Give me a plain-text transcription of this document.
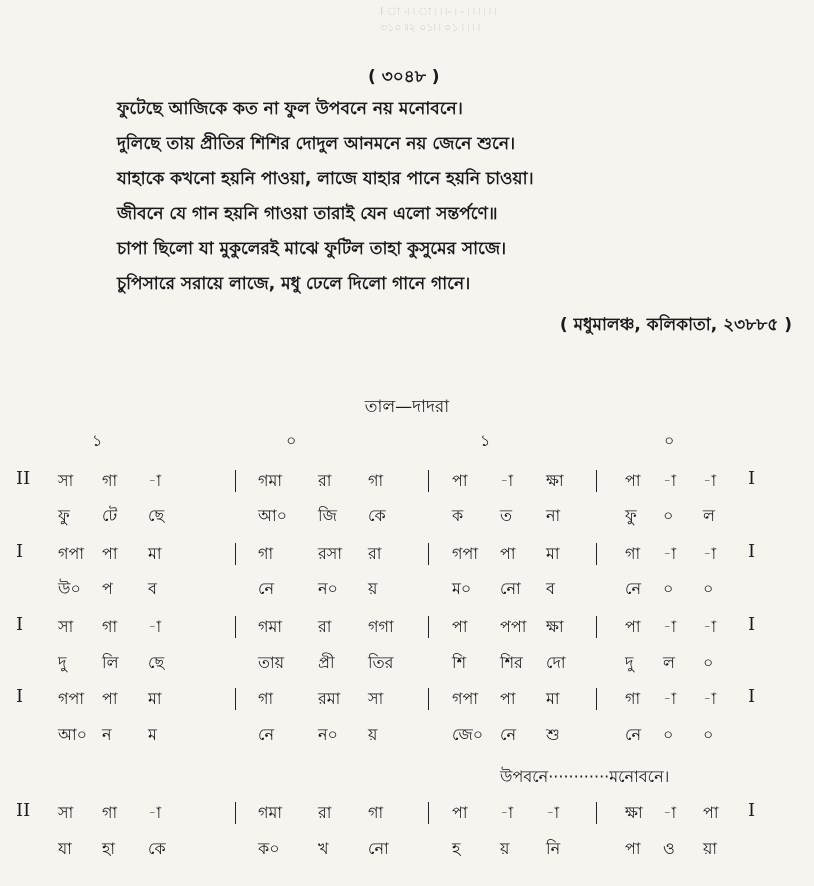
I া ‑৷ ৷ া ৷ ৷ ৷‑ ৷ ‑ ৷ ৷ ৷ ৷ ৷ ৷
৩১০ ৷৷২ ০১৷ ৷ ০১ ৷ ৷ ৷ ৷
( ৩০৪৮ )
ফুটেছে আজিকে কত না ফুল উপবনে নয় মনোবনে।
দুলিছে তায় প্রীতির শিশির দোদুল আনমনে নয় জেনে শুনে।
যাহাকে কখনো হয়নি পাওয়া, লাজে যাহার পানে হয়নি চাওয়া।
জীবনে যে গান হয়নি গাওয়া তারাই যেন এলো সন্তর্পণে॥
চাপা ছিলো যা মুকুলেরই মাঝে ফুটিল তাহা কুসুমের সাজে।
চুপিসারে সরায়ে লাজে, মধু ঢেলে দিলো গানে গানে।
( মধুমালঞ্চ, কলিকাতা, ২৩৮৮৫ )
তাল—দাদরা
১	০	১	০
II সা গা -া	গমা রা গা	পা -া ক্ষা	পা -া -া I
ফু টে ছে	আ০ জি কে	ক ত না	ফু ০ ল
I গপা পা মা	গা	রসা রা	গপা পা মা	গা -া -া I
উ০ প ব	নে	ন০ য়	ম০ নো ব	নে ০ ০
I সা গা -া	গমা রা গগা	পা পপা ক্ষা	পা -া -া I
দু লি ছে	তায় প্রী তির	শি শির দো	দু ল ০
I গপা পা মা	গা	রমা সা	গপা পা মা	গা -া -া I
আ০ ন ম	নে	ন০ য়	জে০ নে শু	নে ০ ০
II সা গা -া	গমা রা গা	পা -া -া	ক্ষা -া পা I
যা হা কে	ক০ খ নো	হ য় নি	পা ও য়া
উপবনে············মনোবনে।
